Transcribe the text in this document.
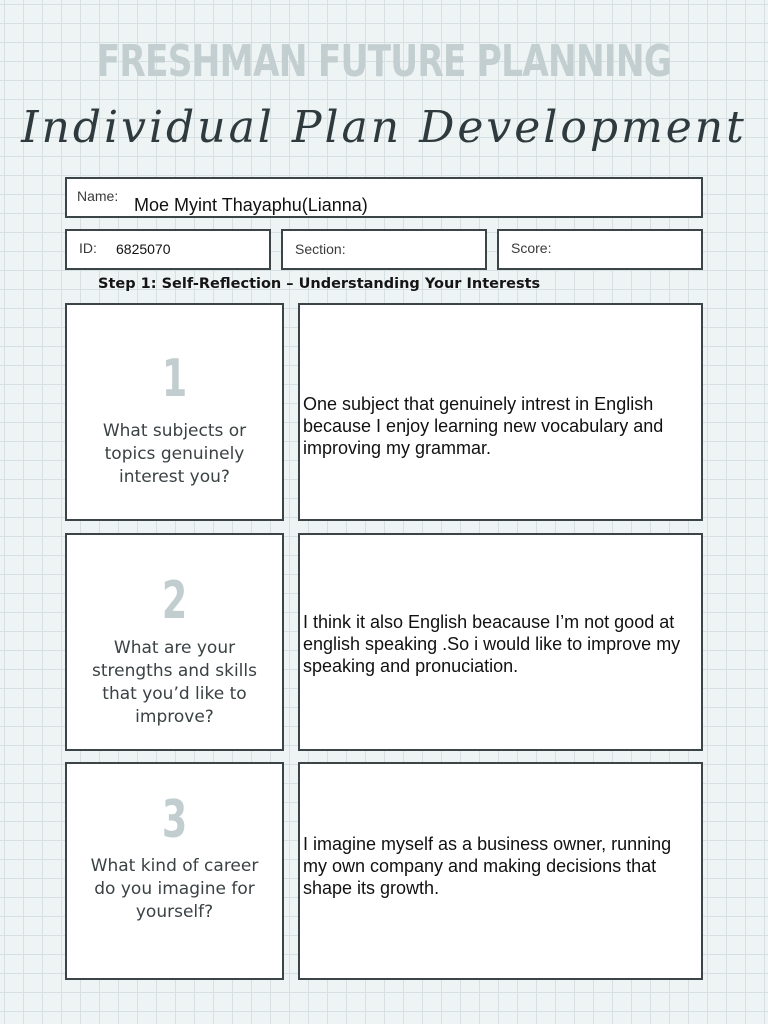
FRESHMAN FUTURE PLANNING
Individual Plan Development
Name: Moe Myint Thayaphu(Lianna)
ID: 6825070	Section:	Score:
Step 1: Self-Reflection – Understanding Your Interests
1
What subjects or topics genuinely interest you?
One subject that genuinely intrest in English because I enjoy learning new vocabulary and improving my grammar.
2
What are your strengths and skills that you’d like to improve?
I think it also English beacause I’m not good at english speaking .So i would like to improve my speaking and pronuciation.
3
What kind of career do you imagine for yourself?
I imagine myself as a business owner, running my own company and making decisions that shape its growth.
